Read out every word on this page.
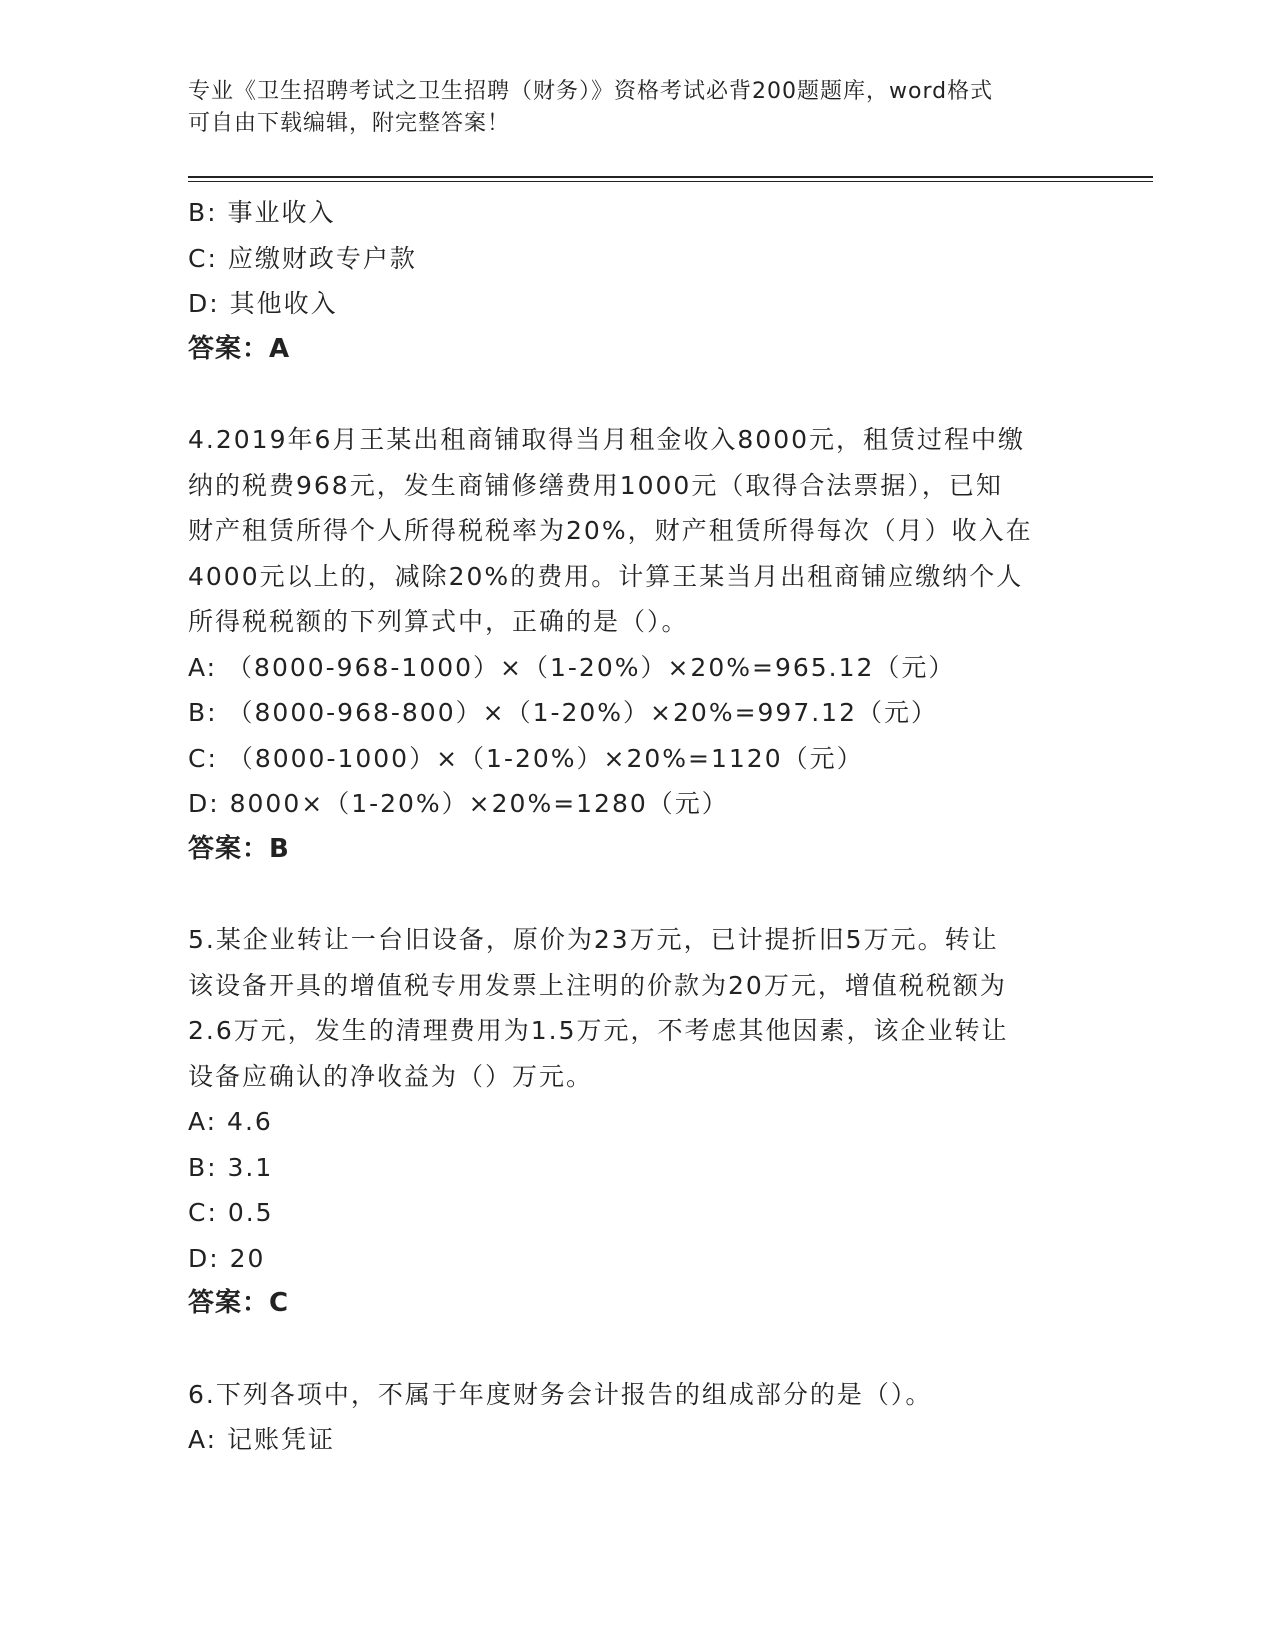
专业《卫生招聘考试之卫生招聘（财务）》资格考试必背200题题库，word格式
可自由下载编辑，附完整答案！
B: 事业收入
C: 应缴财政专户款
D: 其他收入
答案：A
4.2019年6月王某出租商铺取得当月租金收入8000元，租赁过程中缴
纳的税费968元，发生商铺修缮费用1000元（取得合法票据），已知
财产租赁所得个人所得税税率为20%，财产租赁所得每次（月）收入在
4000元以上的，减除20%的费用。计算王某当月出租商铺应缴纳个人
所得税税额的下列算式中，正确的是（）。
A: （8000-968-1000）×（1-20%）×20%=965.12（元）
B: （8000-968-800）×（1-20%）×20%=997.12（元）
C: （8000-1000）×（1-20%）×20%=1120（元）
D: 8000×（1-20%）×20%=1280（元）
答案：B
5.某企业转让一台旧设备，原价为23万元，已计提折旧5万元。转让
该设备开具的增值税专用发票上注明的价款为20万元，增值税税额为
2.6万元，发生的清理费用为1.5万元，不考虑其他因素，该企业转让
设备应确认的净收益为（）万元。
A: 4.6
B: 3.1
C: 0.5
D: 20
答案：C
6.下列各项中，不属于年度财务会计报告的组成部分的是（）。
A: 记账凭证
